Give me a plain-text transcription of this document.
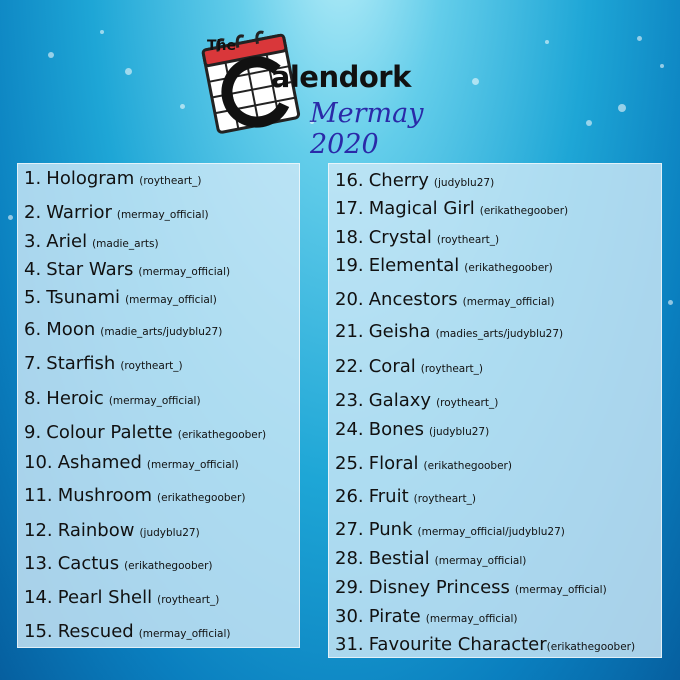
The
alendork
Mermay 2020
1. Hologram (roytheart_)
2. Warrior (mermay_official)
3. Ariel (madie_arts)
4. Star Wars (mermay_official)
5. Tsunami (mermay_official)
6. Moon (madie_arts/judyblu27)
7. Starfish (roytheart_)
8. Heroic (mermay_official)
9. Colour Palette (erikathegoober)
10. Ashamed (mermay_official)
11. Mushroom (erikathegoober)
12. Rainbow (judyblu27)
13. Cactus (erikathegoober)
14. Pearl Shell (roytheart_)
15. Rescued (mermay_official)
16. Cherry (judyblu27)
17. Magical Girl (erikathegoober)
18. Crystal (roytheart_)
19. Elemental (erikathegoober)
20. Ancestors (mermay_official)
21. Geisha (madies_arts/judyblu27)
22. Coral (roytheart_)
23. Galaxy (roytheart_)
24. Bones (judyblu27)
25. Floral (erikathegoober)
26. Fruit (roytheart_)
27. Punk (mermay_official/judyblu27)
28. Bestial (mermay_official)
29. Disney Princess (mermay_official)
30. Pirate (mermay_official)
31. Favourite Character(erikathegoober)
